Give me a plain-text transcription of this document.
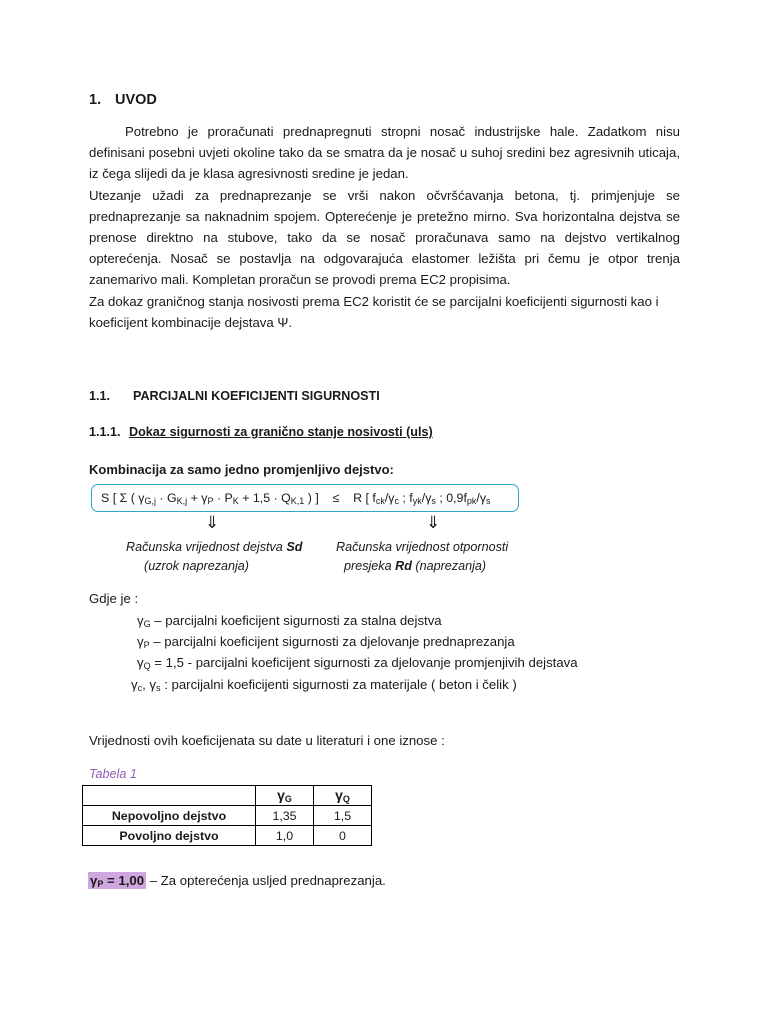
1. UVOD

Potrebno je proračunati prednapregnuti stropni nosač industrijske hale. Zadatkom nisu definisani posebni uvjeti okoline tako da se smatra da je nosač u suhoj sredini bez agresivnih uticaja, iz čega slijedi da je klasa agresivnosti sredine je jedan.

Utezanje užadi za prednaprezanje se vrši nakon očvršćavanja betona, tj. primjenjuje se prednaprezanje sa naknadnim spojem. Opterećenje je pretežno mirno. Sva horizontalna dejstva se prenose direktno na stubove, tako da se nosač proračunava samo na dejstvo vertikalnog opterećenja. Nosač se postavlja na odgovarajuća elastomer ležišta pri čemu je otpor trenja zanemarivo mali. Kompletan proračun se provodi prema EC2 propisima.

Za dokaz graničnog stanja nosivosti prema EC2 koristit će se parcijalni koeficijenti sigurnosti kao i koeficijent kombinacije dejstava Ψ.

1.1. PARCIJALNI KOEFICIJENTI SIGURNOSTI
1.1.1. Dokaz sigurnosti za granično stanje nosivosti (uls)
Kombinacija za samo jedno promjenljivo dejstvo:
S [ Σ ( $\gamma_{G,j} \cdot G_{K,j} + \gamma_P \cdot P_K + 1,5 \cdot Q_{K,1}$ ) ]    ≤    R [ $f_{ck}/\gamma_c$ ; $f_{yk}/\gamma_s$ ; $0,9f_{pk}/\gamma_s$
⇓	⇓
Računska vrijednost dejstva Sd
(uzrok naprezanja)
Računska vrijednost otpornosti
presjeka Rd (naprezanja)
Gdje je :
$\gamma_G$ – parcijalni koeficijent sigurnosti za stalna dejstva
$\gamma_P$ – parcijalni koeficijent sigurnosti za djelovanje prednaprezanja
$\gamma_Q = 1,5$ - parcijalni koeficijent sigurnosti za djelovanje promjenjivih dejstava
$\gamma_c$, $\gamma_s$ : parcijalni koeficijenti sigurnosti za materijale ( beton i čelik )
Vrijednosti ovih koeficijenata su date u literaturi i one iznose :
Tabela 1
	$\gamma_G$	$\gamma_Q$
Nepovoljno dejstvo	1,35	1,5
Povoljno dejstvo	1,0	0
$\gamma_P = 1,00 - Za$ opterećenja usljed prednaprezanja.
